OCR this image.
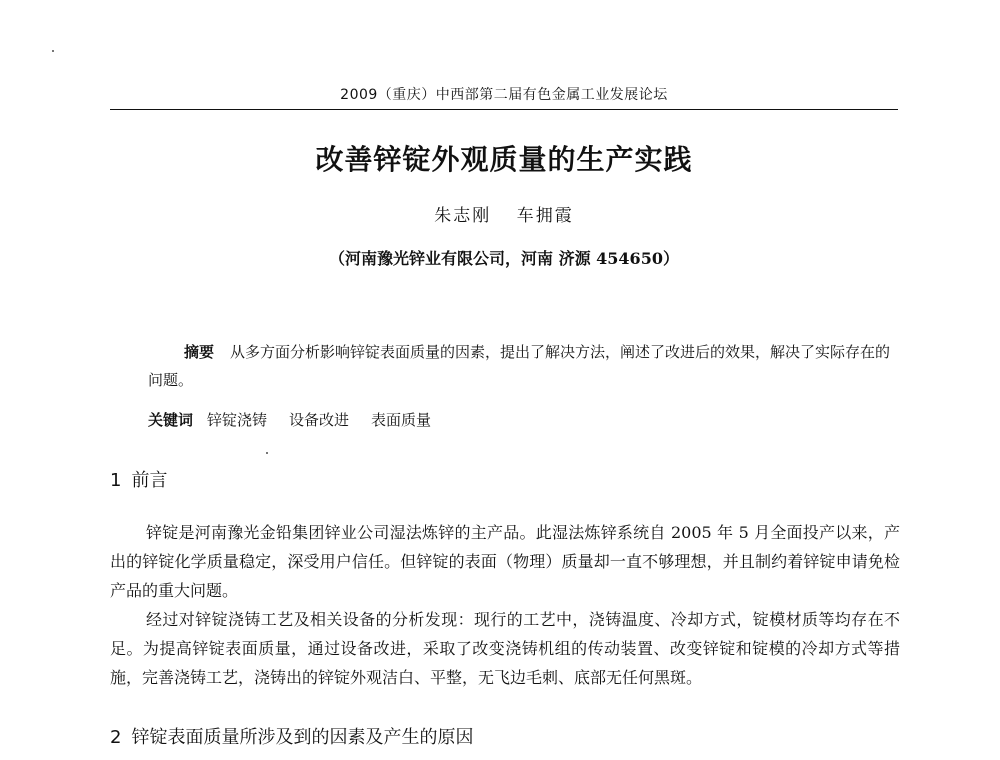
2009（重庆）中西部第二届有色金属工业发展论坛
改善锌锭外观质量的生产实践
朱志刚 车拥霞
（河南豫光锌业有限公司，河南 济源 454650）
摘要 从多方面分析影响锌锭表面质量的因素，提出了解决方法，阐述了改进后的效果，解决了实际存在的问题。
关键词 锌锭浇铸 设备改进 表面质量
1 前言

锌锭是河南豫光金铅集团锌业公司湿法炼锌的主产品。此湿法炼锌系统自 2005 年 5 月全面投产以来，产出的锌锭化学质量稳定，深受用户信任。但锌锭的表面（物理）质量却一直不够理想，并且制约着锌锭申请免检产品的重大问题。

经过对锌锭浇铸工艺及相关设备的分析发现：现行的工艺中，浇铸温度、冷却方式，锭模材质等均存在不足。为提高锌锭表面质量，通过设备改进，采取了改变浇铸机组的传动装置、改变锌锭和锭模的冷却方式等措施，完善浇铸工艺，浇铸出的锌锭外观洁白、平整，无飞边毛刺、底部无任何黑斑。

2 锌锭表面质量所涉及到的因素及产生的原因
